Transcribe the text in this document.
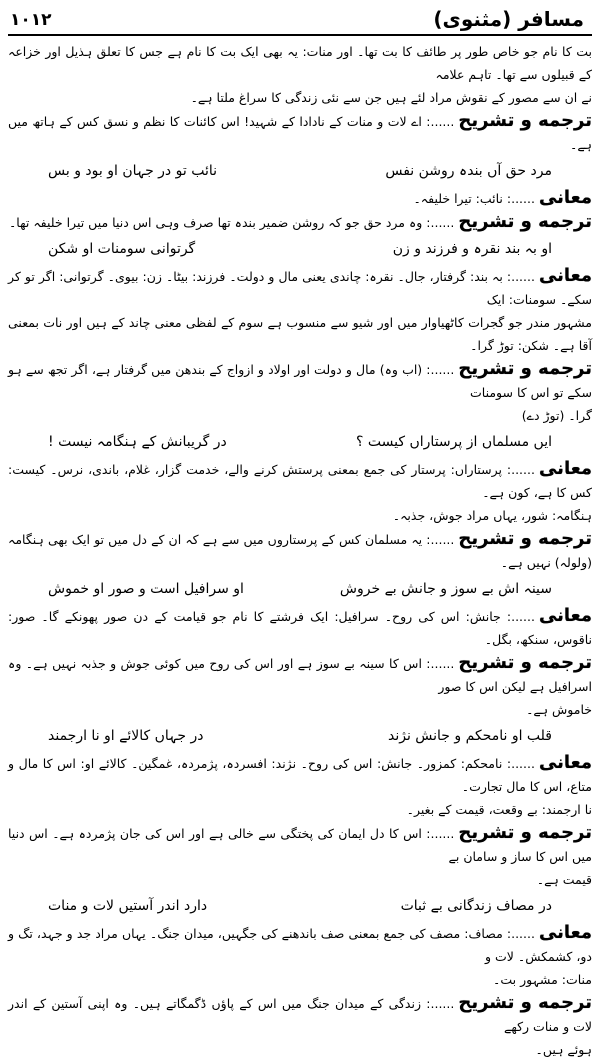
۱۰۱۲	مسافر (مثنوی)
بت کا نام جو خاص طور پر طائف کا بت تھا۔ اور منات: یہ بھی ایک بت کا نام ہے جس کا تعلق ہذیل اور خزاعہ کے قبیلوں سے تھا۔ تاہم علامہ
نے ان سے مصور کے نقوش مراد لئے ہیں جن سے نئی زندگی کا سراغ ملتا ہے۔
ترجمه و تشریح......: اے لات و منات کے نادادا کے شہید! اس کائنات کا نظم و نسق کس کے ہاتھ میں ہے۔
مرد حق آں بندہ روشن نفس
نائب تو در جہان او بود و بس
معانی......: نائب: تیرا خلیفہ۔
ترجمه و تشریح......: وہ مرد حق جو کہ روشن ضمیر بندہ تھا صرف وہی اس دنیا میں تیرا خلیفہ تھا۔
او بہ بند نقرہ و فرزند و زن
گرتوانی سومنات او شکن
معانی......: بہ بند: گرفتار، جال۔ نقرہ: چاندی یعنی مال و دولت۔ فرزند: بیٹا۔ زن: بیوی۔ گرتوانی: اگر تو کر سکے۔ سومنات: ایک
مشہور مندر جو گجرات کاٹھیاوار میں اور شیو سے منسوب ہے سوم کے لفظی معنی چاند کے ہیں اور نات بمعنی آقا ہے۔ شکن: توڑ گرا۔
ترجمه و تشریح......: (اب وہ) مال و دولت اور اولاد و ازواج کے بندھن میں گرفتار ہے، اگر تجھ سے ہو سکے تو اس کا سومنات
گرا۔ (توڑ دے)
ایں مسلماں از پرستاراں کیست ؟
در گریبانش کے ہنگامہ نیست !
معانی......: پرستاراں: پرستار کی جمع بمعنی پرستش کرنے والے، خدمت گزار، غلام، باندی، نرس۔ کیست: کس کا ہے، کون ہے۔
ہنگامہ: شور، یہاں مراد جوش، جذبہ۔
ترجمه و تشریح......: یہ مسلمان کس کے پرستاروں میں سے ہے کہ ان کے دل میں تو ایک بھی ہنگامہ (ولولہ) نہیں ہے۔
سینہ اش بے سوز و جانش بے خروش
او سرافیل است و صور او خموش
معانی......: جانش: اس کی روح۔ سرافیل: ایک فرشتے کا نام جو قیامت کے دن صور پھونکے گا۔ صور: ناقوس، سنکھ، بگل۔
ترجمه و تشریح......: اس کا سینہ بے سوز ہے اور اس کی روح میں کوئی جوش و جذبہ نہیں ہے۔ وہ اسرافیل ہے لیکن اس کا صور
خاموش ہے۔
قلب او نامحکم و جانش نژند
در جہاں کالائے او نا ارجمند
معانی......: نامحکم: کمزور۔ جانش: اس کی روح۔ نژند: افسردہ، پژمردہ، غمگین۔ کالائے او: اس کا مال و متاع، اس کا مال تجارت۔
نا ارجمند: بے وقعت، قیمت کے بغیر۔
ترجمه و تشریح......: اس کا دل ایمان کی پختگی سے خالی ہے اور اس کی جان پژمردہ ہے۔ اس دنیا میں اس کا ساز و سامان بے
قیمت ہے۔
در مصاف زندگانی بے ثبات
دارد اندر آستیں لات و منات
معانی......: مصاف: مصف کی جمع بمعنی صف باندھنے کی جگہیں، میدان جنگ۔ یہاں مراد جد و جہد، تگ و دو، کشمکش۔ لات و
منات: مشہور بت۔
ترجمه و تشریح......: زندگی کے میدان جنگ میں اس کے پاؤں ڈگمگاتے ہیں۔ وہ اپنی آستین کے اندر لات و منات رکھے
ہوئے ہیں۔
